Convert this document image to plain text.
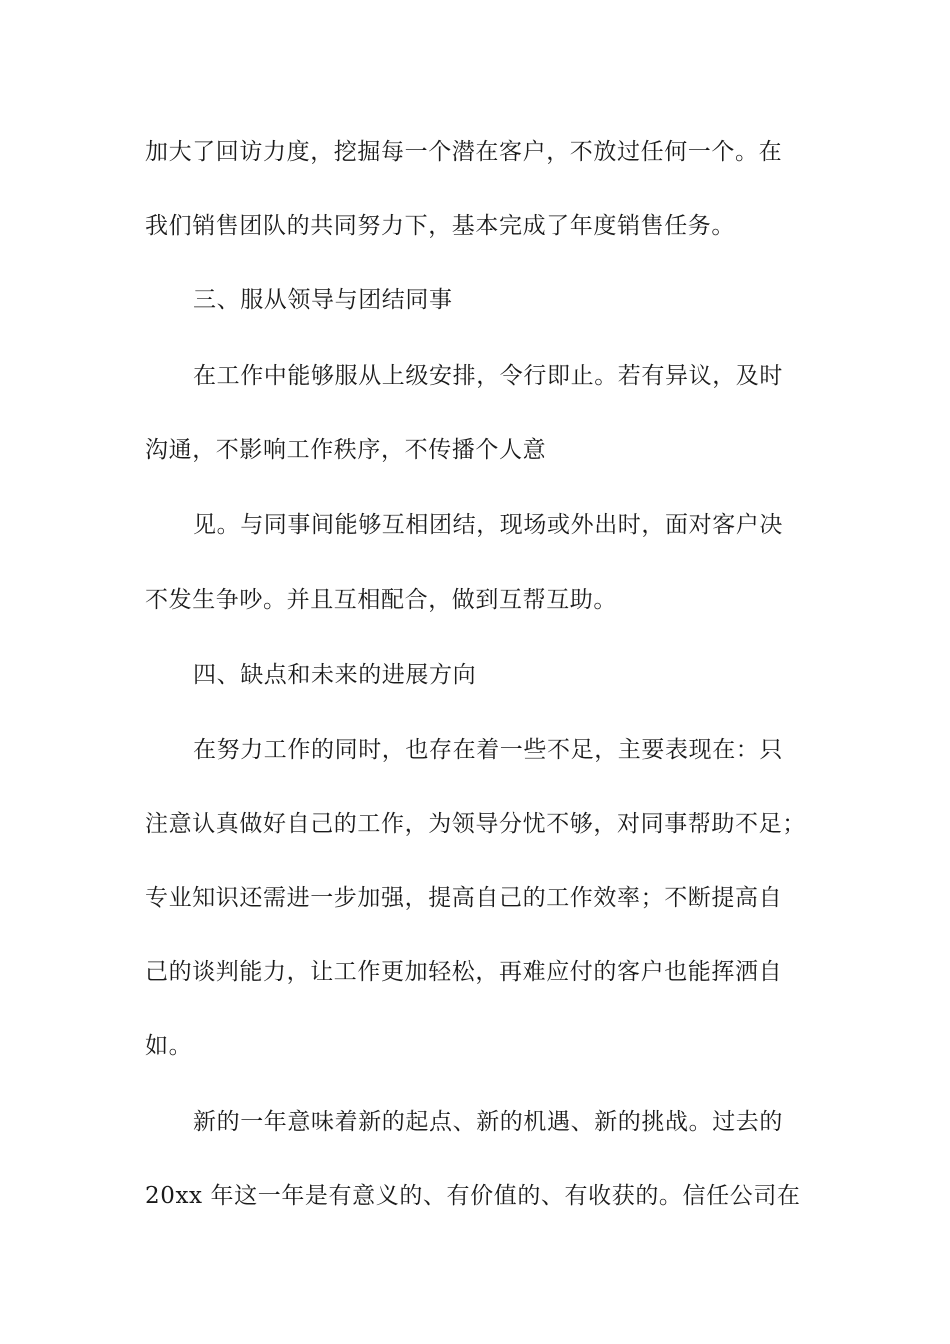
加大了回访力度，挖掘每一个潜在客户，不放过任何一个。在
我们销售团队的共同努力下，基本完成了年度销售任务。
三、服从领导与团结同事
在工作中能够服从上级安排，令行即止。若有异议，及时
沟通，不影响工作秩序，不传播个人意
见。与同事间能够互相团结，现场或外出时，面对客户决
不发生争吵。并且互相配合，做到互帮互助。
四、缺点和未来的进展方向
在努力工作的同时，也存在着一些不足，主要表现在：只
注意认真做好自己的工作，为领导分忧不够，对同事帮助不足；
专业知识还需进一步加强，提高自己的工作效率；不断提高自
己的谈判能力，让工作更加轻松，再难应付的客户也能挥洒自
如。
新的一年意味着新的起点、新的机遇、新的挑战。过去的
20xx 年这一年是有意义的、有价值的、有收获的。信任公司在
